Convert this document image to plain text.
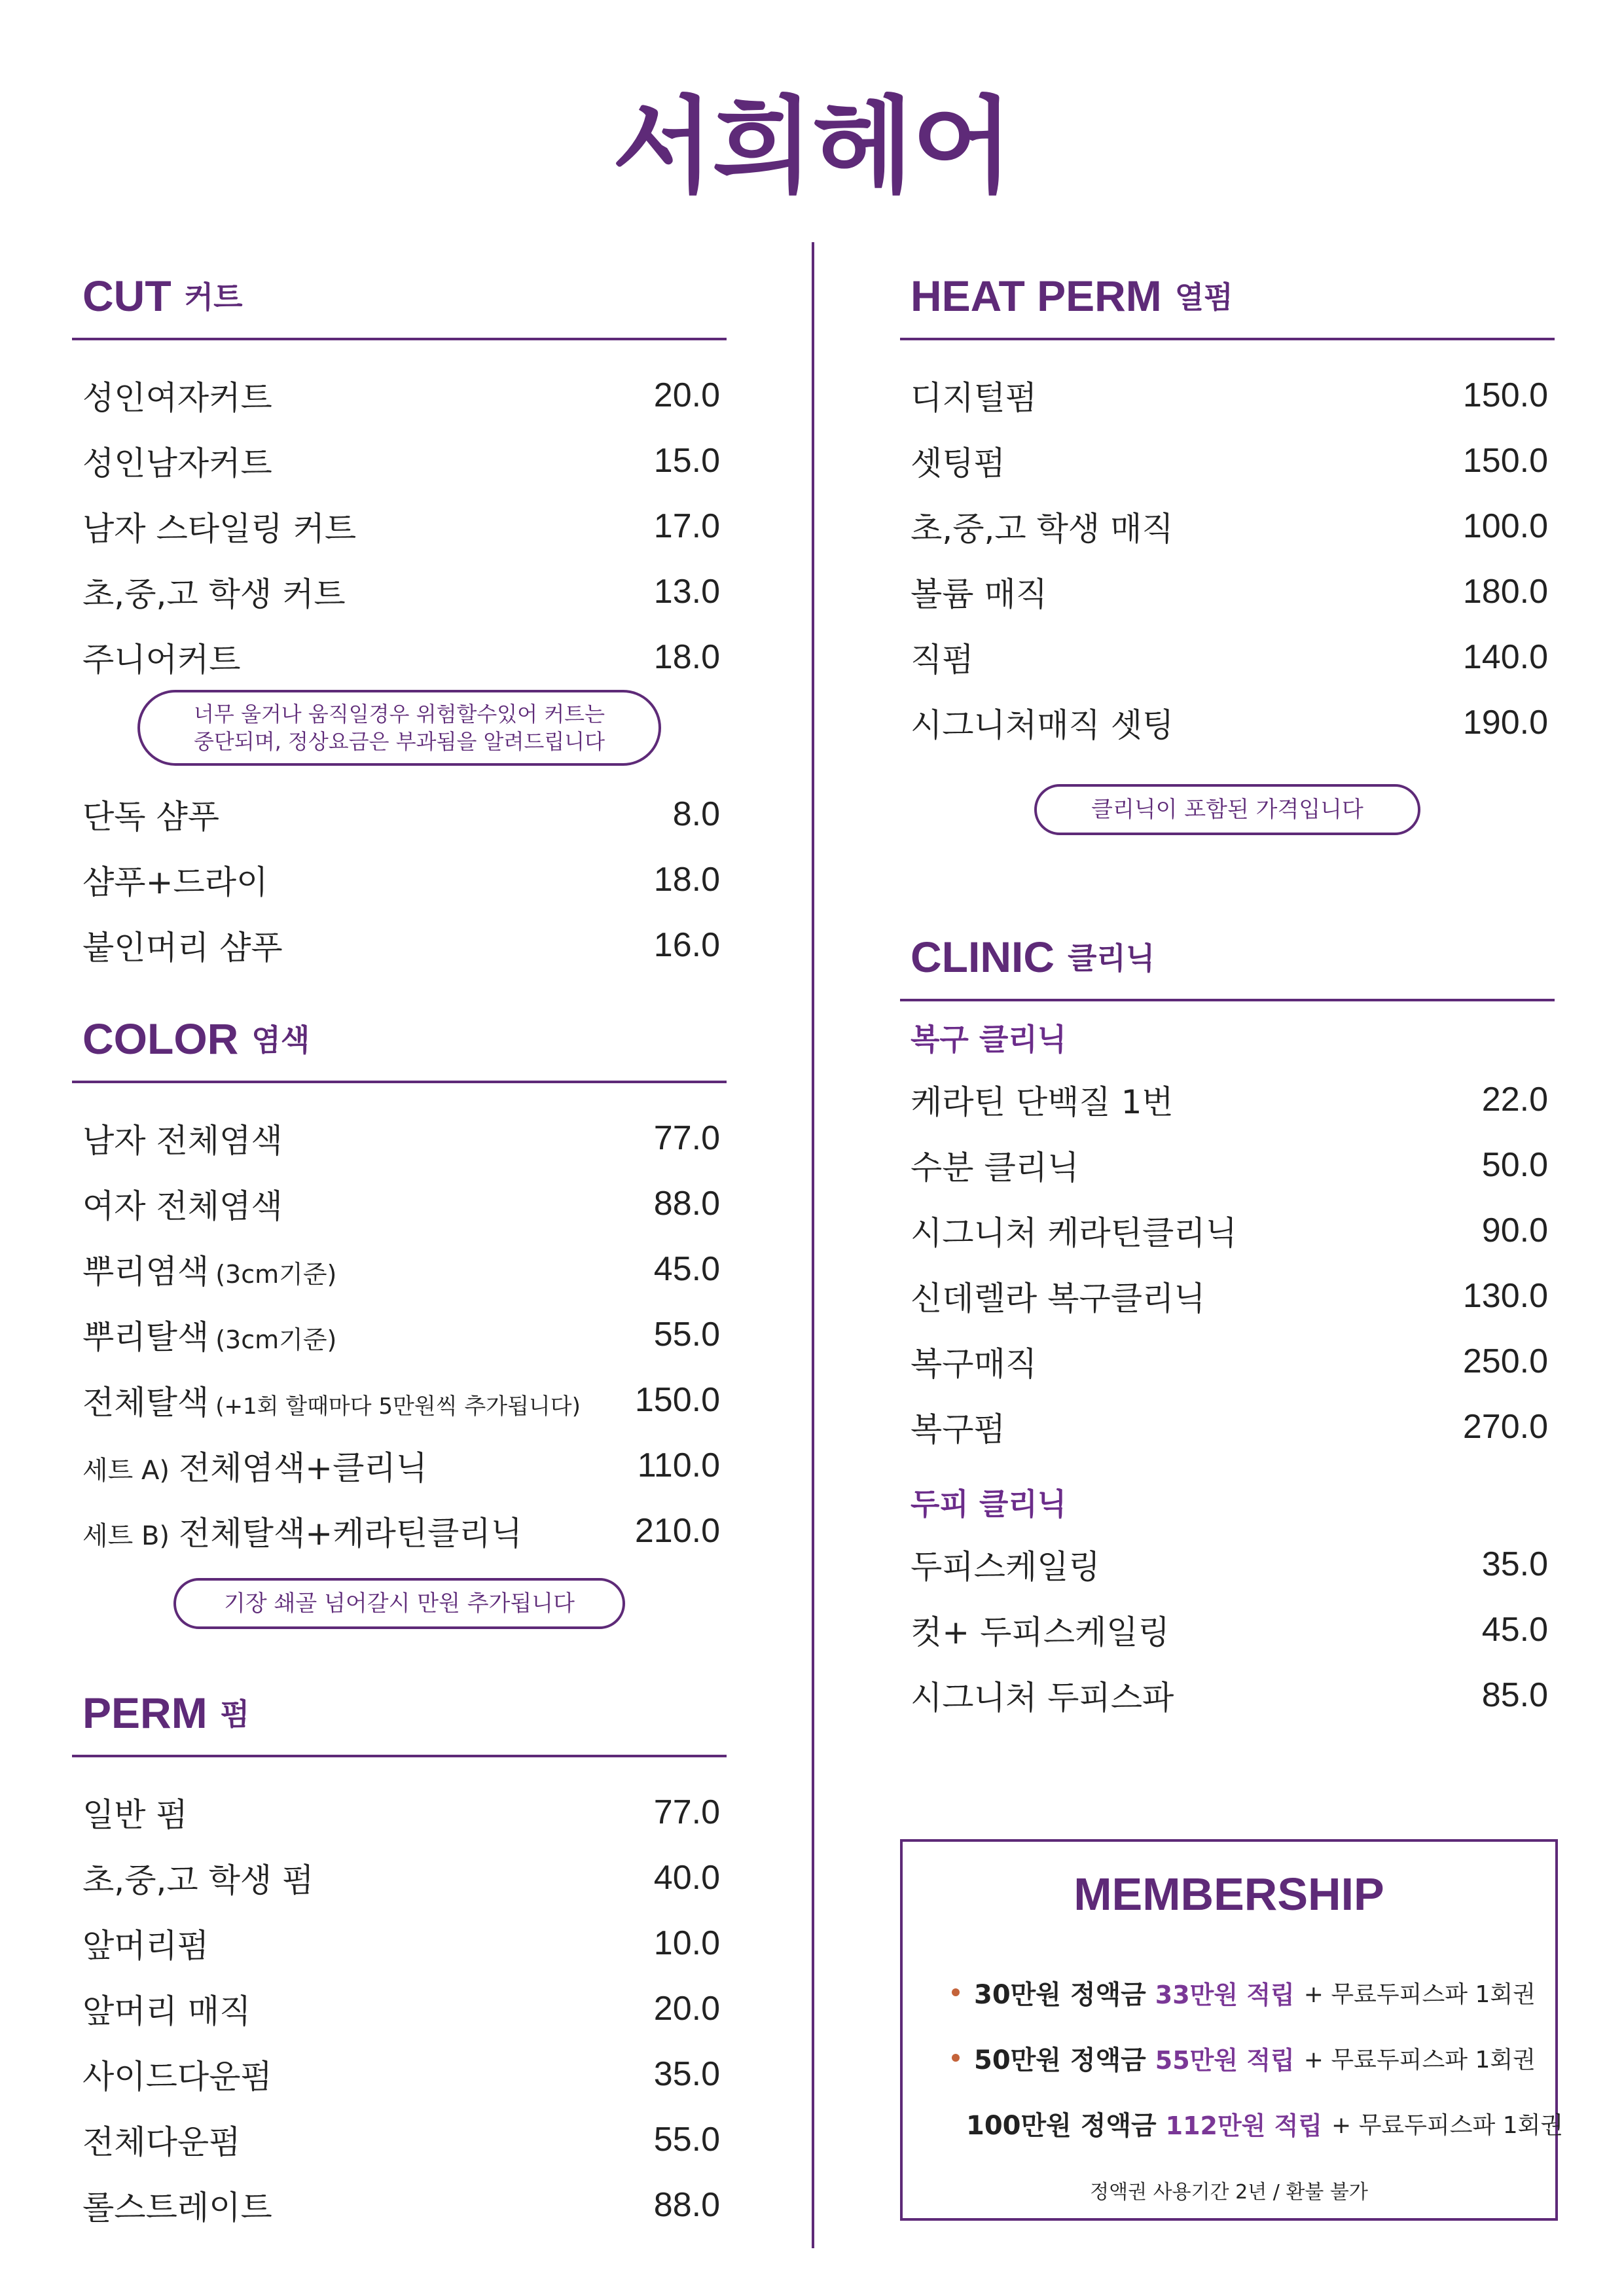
서희헤어
CUT 커트
성인여자커트	20.0
성인남자커트	15.0
남자 스타일링 커트	17.0
초,중,고 학생 커트	13.0
주니어커트	18.0
너무 울거나 움직일경우 위험할수있어 커트는
중단되며, 정상요금은 부과됨을 알려드립니다
단독 샴푸	8.0
샴푸+드라이	18.0
붙인머리 샴푸	16.0
COLOR 염색
남자 전체염색	77.0
여자 전체염색	88.0
뿌리염색 (3cm기준)	45.0
뿌리탈색 (3cm기준)	55.0
전체탈색 (+1회 할때마다 5만원씩 추가됩니다) 150.0
세트 A) 전체염색+클리닉	110.0
세트 B) 전체탈색+케라틴클리닉	210.0
기장 쇄골 넘어갈시 만원 추가됩니다
PERM 펌
일반 펌	77.0
초,중,고 학생 펌	40.0
앞머리펌	10.0
앞머리 매직	20.0
사이드다운펌	35.0
전체다운펌	55.0
롤스트레이트	88.0
HEAT PERM 열펌
디지털펌	150.0
셋팅펌	150.0
초,중,고 학생 매직	100.0
볼륨 매직	180.0
직펌	140.0
시그니처매직 셋팅	190.0
클리닉이 포함된 가격입니다
CLINIC 클리닉
복구 클리닉
케라틴 단백질 1번	22.0
수분 클리닉	50.0
시그니처 케라틴클리닉	90.0
신데렐라 복구클리닉	130.0
복구매직	250.0
복구펌	270.0
두피 클리닉
두피스케일링	35.0
컷+ 두피스케일링	45.0
시그니처 두피스파	85.0
MEMBERSHIP
30만원 정액금 33만원 적립 + 무료두피스파 1회권
50만원 정액금 55만원 적립 + 무료두피스파 1회권
100만원 정액금 112만원 적립 + 무료두피스파 1회권
정액권 사용기간 2년 / 환불 불가
